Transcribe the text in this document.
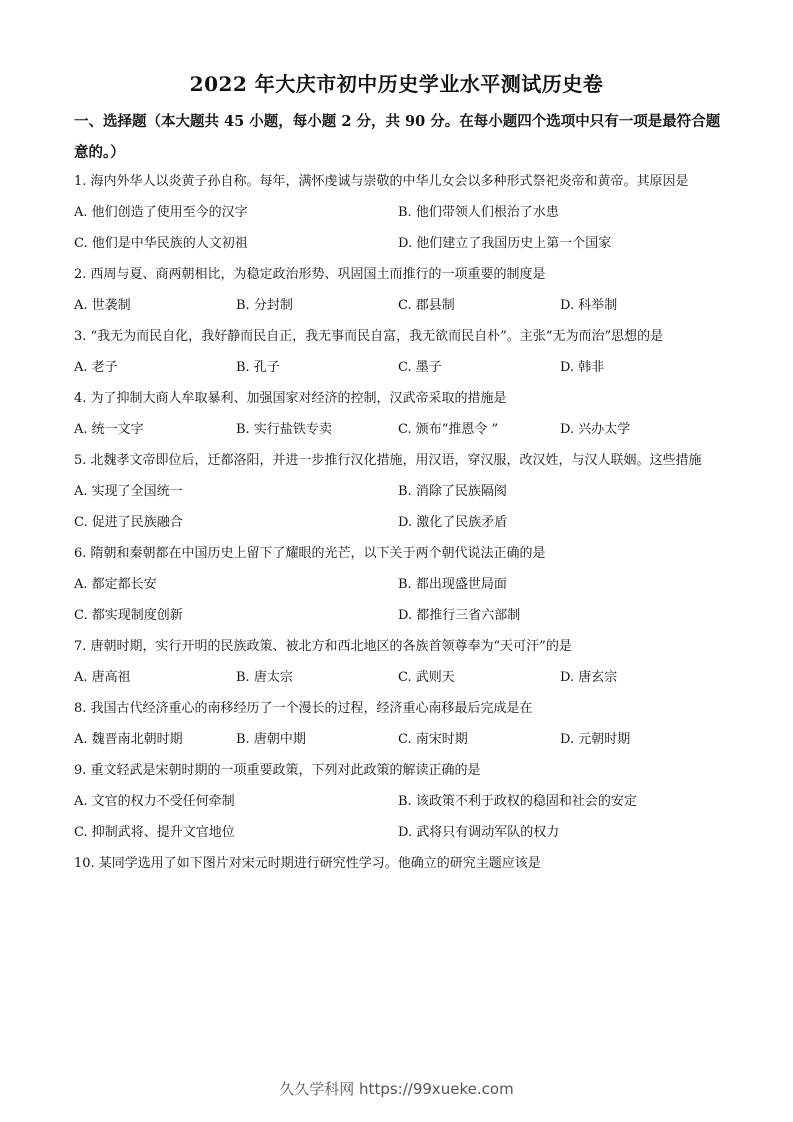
2022 年大庆市初中历史学业水平测试历史卷
一、选择题（本大题共 45 小题，每小题 2 分，共 90 分。在每小题四个选项中只有一项是最符合题意的。）

1. 海内外华人以炎黄子孙自称。每年，满怀虔诚与崇敬的中华儿女会以多种形式祭祀炎帝和黄帝。其原因是

A. 他们创造了使用至今的汉字	B. 他们带领人们根治了水患
C. 他们是中华民族的人文初祖	D. 他们建立了我国历史上第一个国家

2. 西周与夏、商两朝相比，为稳定政治形势、巩固国土而推行的一项重要的制度是

A. 世袭制	B. 分封制	C. 郡县制	D. 科举制

3. “我无为而民自化，我好静而民自正，我无事而民自富，我无欲而民自朴”。主张“无为而治”思想的是

A. 老子	B. 孔子	C. 墨子	D. 韩非

4. 为了抑制大商人牟取暴利、加强国家对经济的控制，汉武帝采取的措施是

A. 统一文字	B. 实行盐铁专卖	C. 颁布“推恩令 ”	D. 兴办太学

5. 北魏孝文帝即位后，迁都洛阳，并进一步推行汉化措施，用汉语，穿汉服，改汉姓，与汉人联姻。这些措施

A. 实现了全国统一	B. 消除了民族隔阂
C. 促进了民族融合	D. 激化了民族矛盾

6. 隋朝和秦朝都在中国历史上留下了耀眼的光芒，以下关于两个朝代说法正确的是

A. 都定都长安	B. 都出现盛世局面
C. 都实现制度创新	D. 都推行三省六部制

7. 唐朝时期，实行开明的民族政策、被北方和西北地区的各族首领尊奉为“天可汗”的是

A. 唐高祖	B. 唐太宗	C. 武则天	D. 唐玄宗

8. 我国古代经济重心的南移经历了一个漫长的过程，经济重心南移最后完成是在

A. 魏晋南北朝时期	B. 唐朝中期	C. 南宋时期	D. 元朝时期

9. 重文轻武是宋朝时期的一项重要政策，下列对此政策的解读正确的是

A. 文官的权力不受任何牵制	B. 该政策不利于政权的稳固和社会的安定
C. 抑制武将、提升文官地位	D. 武将只有调动军队的权力

10. 某同学选用了如下图片对宋元时期进行研究性学习。他确立的研究主题应该是

久久学科网 https://99xueke.com
